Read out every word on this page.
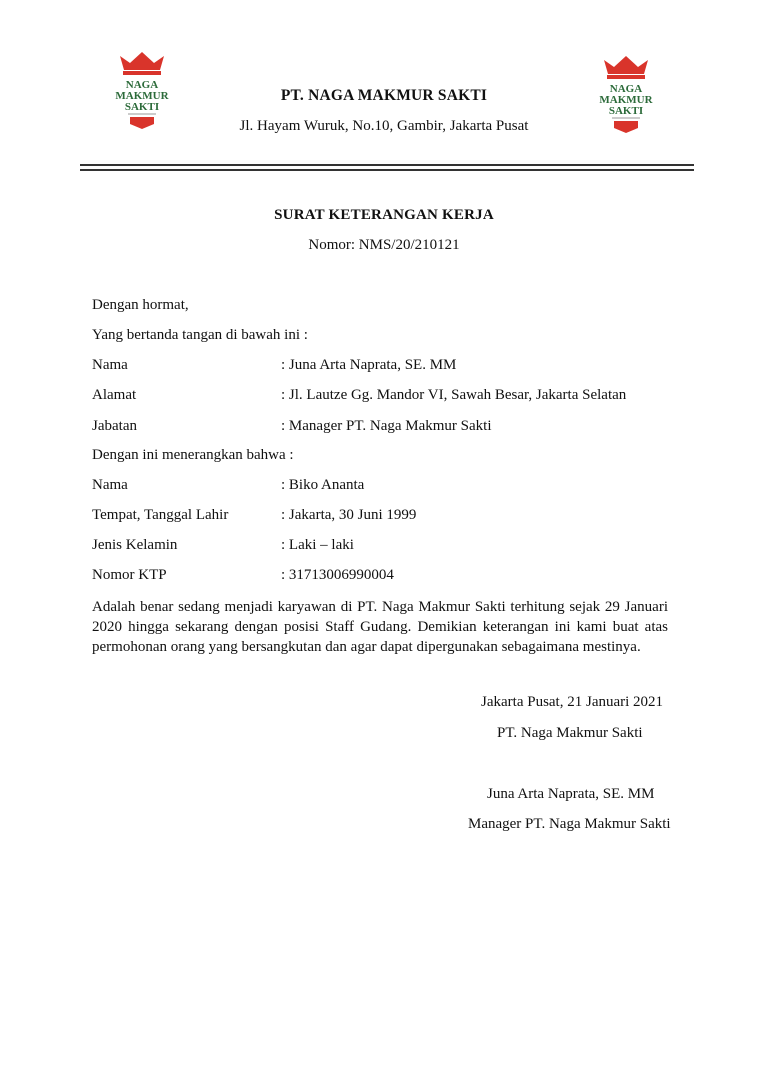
NAGA
MAKMUR
SAKTI
NAGA
MAKMUR
SAKTI
PT. NAGA MAKMUR SAKTI
Jl. Hayam Wuruk, No.10, Gambir, Jakarta Pusat
SURAT KETERANGAN KERJA
Nomor: NMS/20/210121
Dengan hormat,
Yang bertanda tangan di bawah ini :
Nama	: Juna Arta Naprata, SE. MM
Alamat	: Jl. Lautze Gg. Mandor VI, Sawah Besar, Jakarta Selatan
Jabatan	: Manager PT. Naga Makmur Sakti
Dengan ini menerangkan bahwa :
Nama	: Biko Ananta
Tempat, Tanggal Lahir	: Jakarta, 30 Juni 1999
Jenis Kelamin	: Laki – laki
Nomor KTP	: 31713006990004
Adalah benar sedang menjadi karyawan di PT. Naga Makmur Sakti terhitung sejak 29 Januari 2020 hingga sekarang dengan posisi Staff Gudang. Demikian keterangan ini kami buat atas permohonan orang yang bersangkutan dan agar dapat dipergunakan sebagaimana mestinya.
Jakarta Pusat, 21 Januari 2021
PT. Naga Makmur Sakti
Juna Arta Naprata, SE. MM
Manager PT. Naga Makmur Sakti
